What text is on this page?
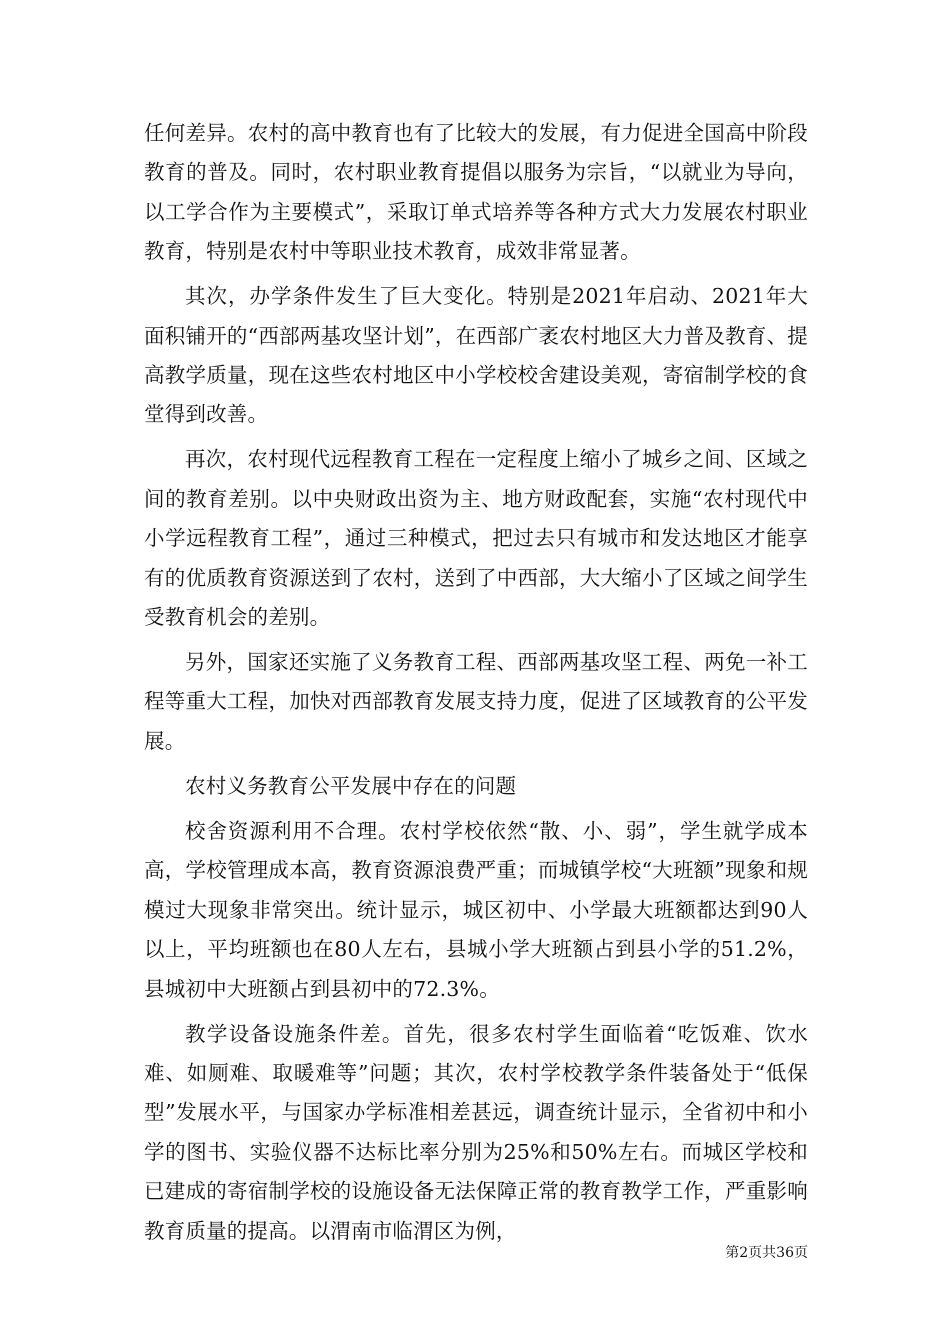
任何差异。农村的高中教育也有了比较大的发展，有力促进全国高中阶段教育的普及。同时，农村职业教育提倡以服务为宗旨，“以就业为导向，以工学合作为主要模式”，采取订单式培养等各种方式大力发展农村职业教育，特别是农村中等职业技术教育，成效非常显著。

其次，办学条件发生了巨大变化。特别是2021年启动、2021年大面积铺开的“西部两基攻坚计划”，在西部广袤农村地区大力普及教育、提高教学质量，现在这些农村地区中小学校校舍建设美观，寄宿制学校的食堂得到改善。

再次，农村现代远程教育工程在一定程度上缩小了城乡之间、区域之间的教育差别。以中央财政出资为主、地方财政配套，实施“农村现代中小学远程教育工程”，通过三种模式，把过去只有城市和发达地区才能享有的优质教育资源送到了农村，送到了中西部，大大缩小了区域之间学生受教育机会的差别。

另外，国家还实施了义务教育工程、西部两基攻坚工程、两免一补工程等重大工程，加快对西部教育发展支持力度，促进了区域教育的公平发展。

农村义务教育公平发展中存在的问题

校舍资源利用不合理。农村学校依然“散、小、弱”，学生就学成本高，学校管理成本高，教育资源浪费严重；而城镇学校“大班额”现象和规模过大现象非常突出。统计显示，城区初中、小学最大班额都达到90人以上，平均班额也在80人左右，县城小学大班额占到县小学的51.2%，县城初中大班额占到县初中的72.3%。

教学设备设施条件差。首先，很多农村学生面临着“吃饭难、饮水难、如厕难、取暖难等”问题；其次，农村学校教学条件装备处于“低保型”发展水平，与国家办学标准相差甚远，调查统计显示，全省初中和小学的图书、实验仪器不达标比率分别为25%和50%左右。而城区学校和已建成的寄宿制学校的设施设备无法保障正常的教育教学工作，严重影响教育质量的提高。以渭南市临渭区为例，

第2页共36页
